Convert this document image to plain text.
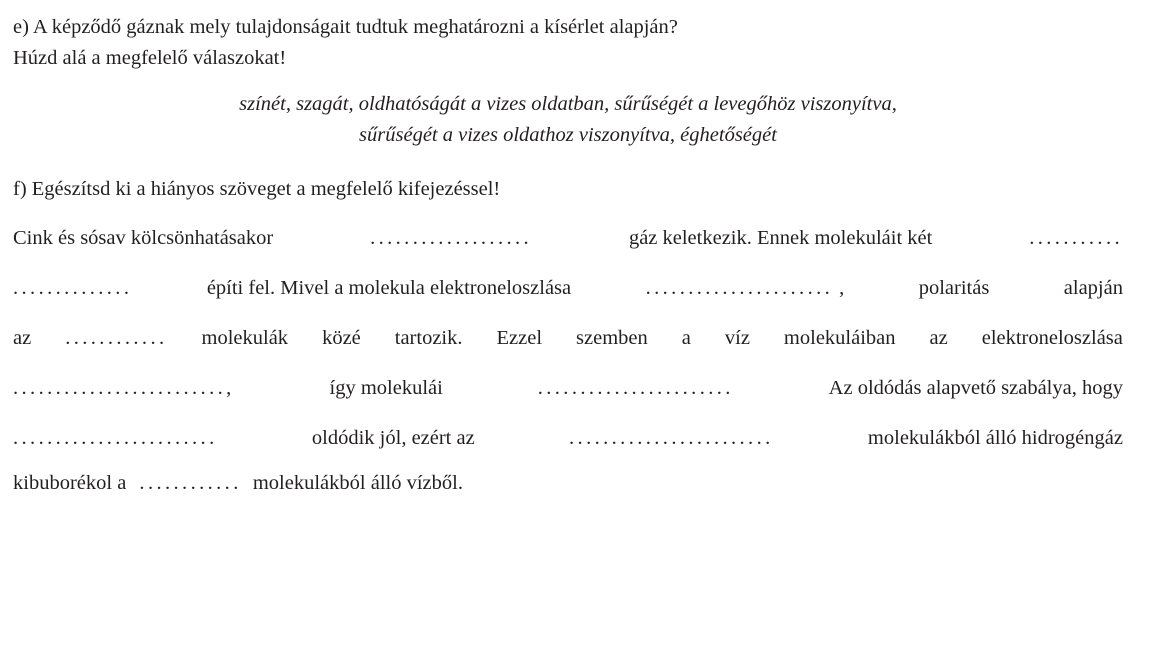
e) A képződő gáznak mely tulajdonságait tudtuk meghatározni a kísérlet alapján?
Húzd alá a megfelelő válaszokat!
színét, szagát, oldhatóságát a vizes oldatban, sűrűségét a levegőhöz viszonyítva,
sűrűségét a vizes oldathoz viszonyítva, éghetőségét
f) Egészítsd ki a hiányos szöveget a megfelelő kifejezéssel!
Cink és sósav kölcsönhatásakor	...................	gáz keletkezik. Ennek molekuláit két	...........
..............	építi fel. Mivel a molekula elektroneloszlása	...................... ,	polaritás	alapján
az ............ molekulák közé tartozik. Ezzel szemben a víz molekuláiban az elektroneloszlása
.........................,	így molekulái	.......................	Az oldódás alapvető szabálya, hogy
........................	oldódik jól, ezért az	........................	molekulákból álló hidrogéngáz
kibuborékol a ............ molekulákból álló vízből.
